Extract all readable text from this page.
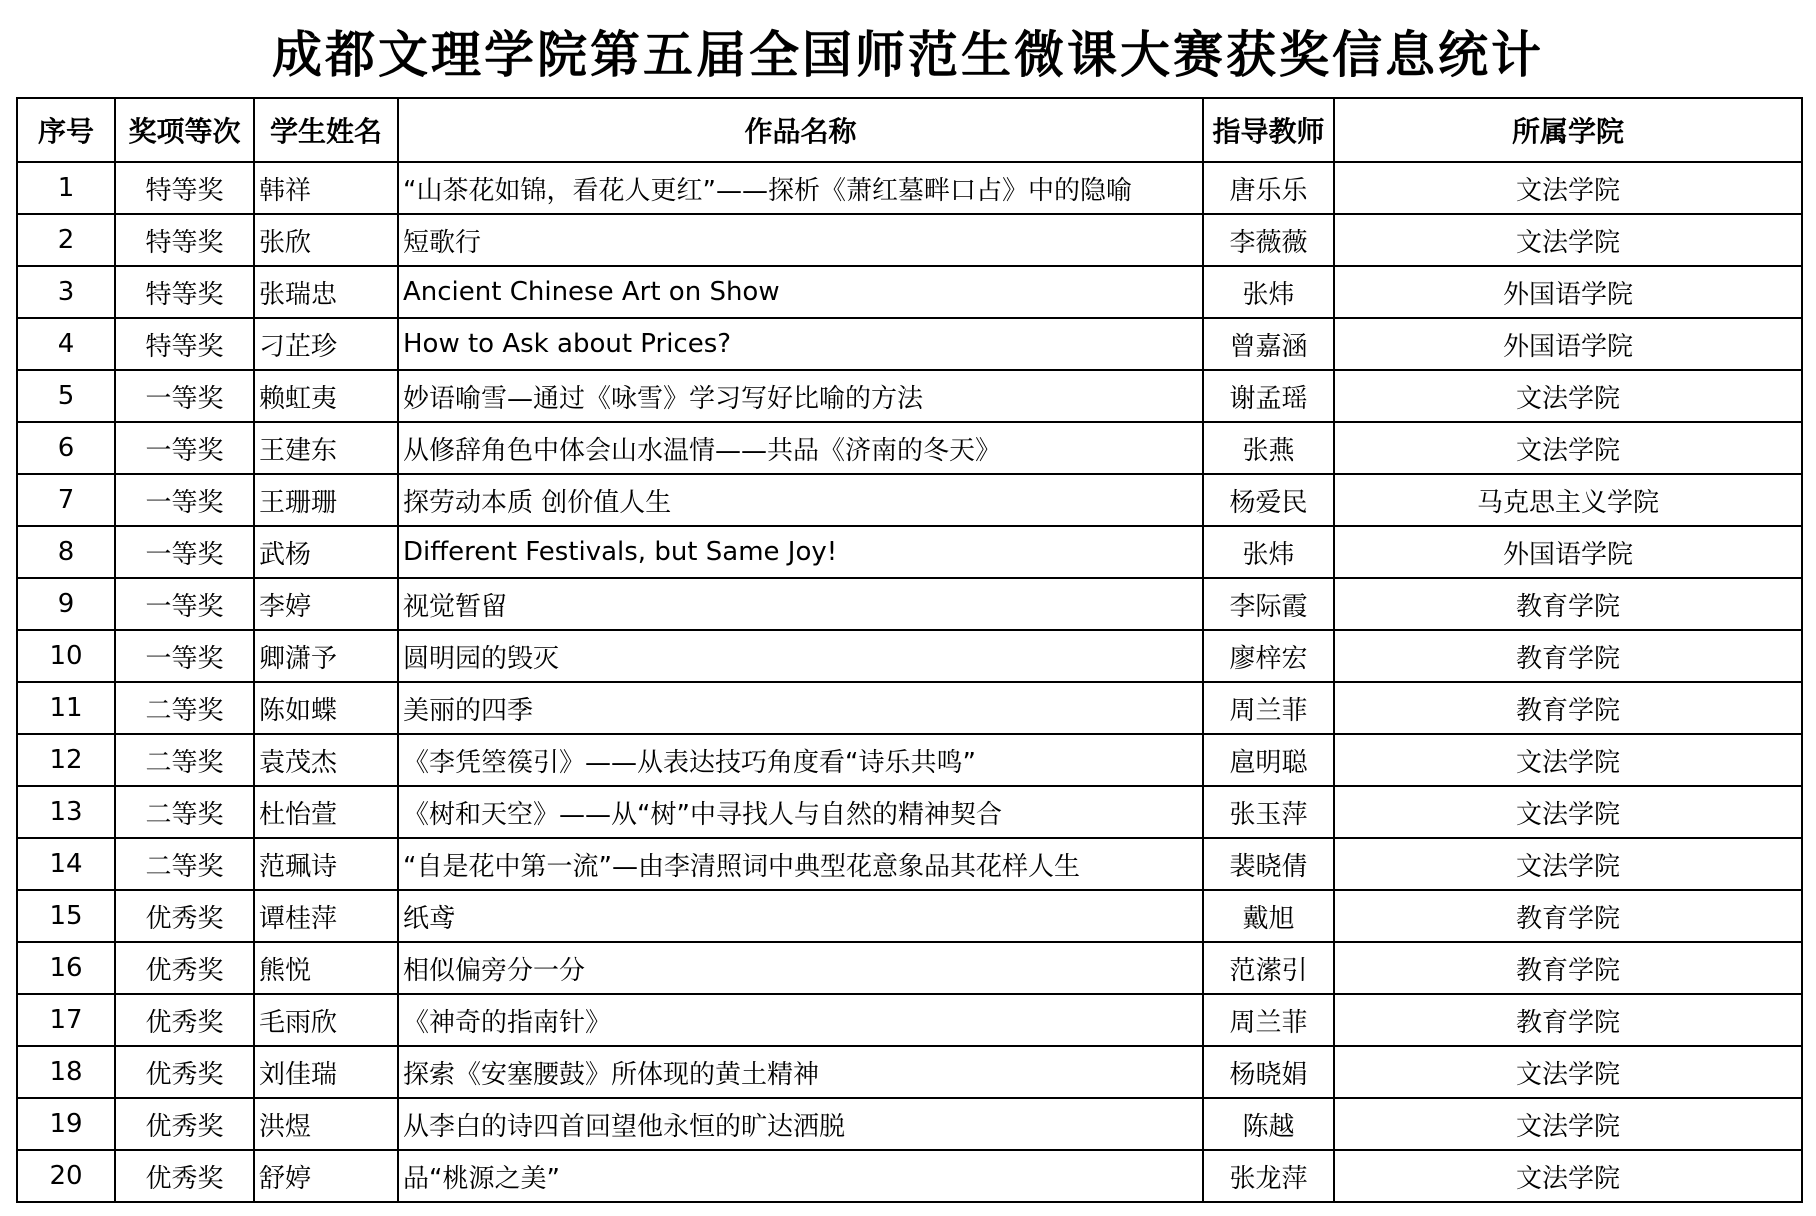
成都文理学院第五届全国师范生微课大赛获奖信息统计
序号	奖项等次	学生姓名	作品名称	指导教师	所属学院
1	特等奖	韩祥	“山茶花如锦，看花人更红”——探析《萧红墓畔口占》中的隐喻	唐乐乐	文法学院
2	特等奖	张欣	短歌行	李薇薇	文法学院
3	特等奖	张瑞忠	Ancient Chinese Art on Show	张炜	外国语学院
4	特等奖	刁芷珍	How to Ask about Prices?	曾嘉涵	外国语学院
5	一等奖	赖虹夷	妙语喻雪—通过《咏雪》学习写好比喻的方法	谢孟瑶	文法学院
6	一等奖	王建东	从修辞角色中体会山水温情——共品《济南的冬天》	张燕	文法学院
7	一等奖	王珊珊	探劳动本质 创价值人生	杨爱民	马克思主义学院
8	一等奖	武杨	Different Festivals, but Same Joy!	张炜	外国语学院
9	一等奖	李婷	视觉暂留	李际霞	教育学院
10	一等奖	卿潇予	圆明园的毁灭	廖梓宏	教育学院
11	二等奖	陈如蝶	美丽的四季	周兰菲	教育学院
12	二等奖	袁茂杰	《李凭箜篌引》——从表达技巧角度看“诗乐共鸣”	扈明聪	文法学院
13	二等奖	杜怡萱	《树和天空》——从“树”中寻找人与自然的精神契合	张玉萍	文法学院
14	二等奖	范珮诗	“自是花中第一流”—由李清照词中典型花意象品其花样人生	裴晓倩	文法学院
15	优秀奖	谭桂萍	纸鸢	戴旭	教育学院
16	优秀奖	熊悦	相似偏旁分一分	范潆引	教育学院
17	优秀奖	毛雨欣	《神奇的指南针》	周兰菲	教育学院
18	优秀奖	刘佳瑞	探索《安塞腰鼓》所体现的黄土精神	杨晓娟	文法学院
19	优秀奖	洪煜	从李白的诗四首回望他永恒的旷达洒脱	陈越	文法学院
20	优秀奖	舒婷	品“桃源之美”	张龙萍	文法学院
